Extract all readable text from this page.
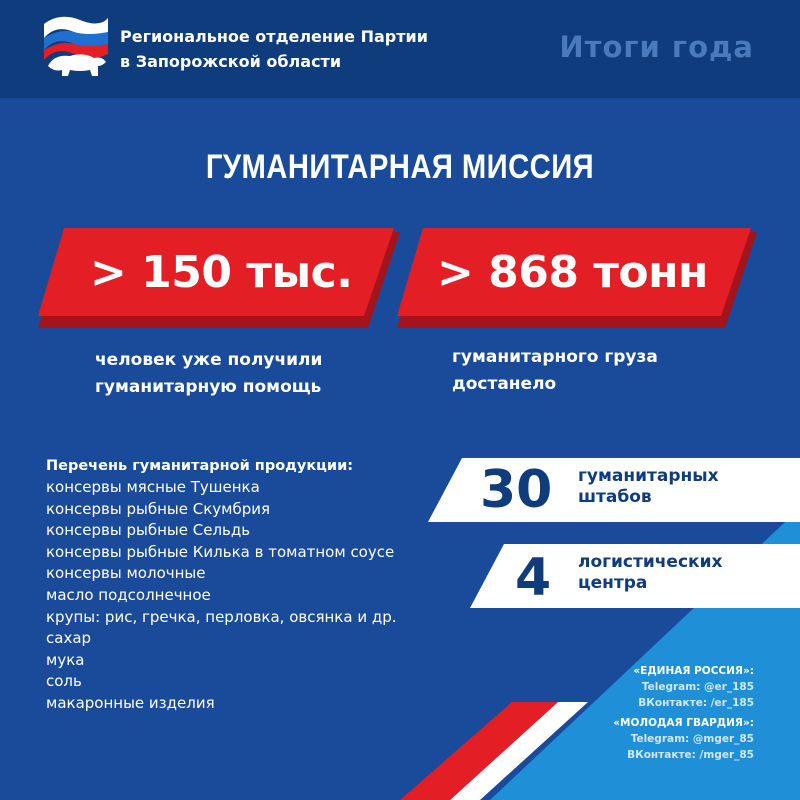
Региональное отделение Партии
в Запорожской области	Итоги года
ГУМАНИТАРНАЯ МИССИЯ
> 150 тыс. > 868 тонн
человек уже получили
гуманитарную помощь
гуманитарного груза
достанело
Перечень гуманитарной продукции:
консервы мясные Тушенка
консервы рыбные Скумбрия
консервы рыбные Сельдь
консервы рыбные Килька в томатном соусе
консервы молочные
масло подсолнечное
крупы: рис, гречка, перловка, овсянка и др.
сахар
мука
соль
макаронные изделия
30 гуманитарных
штабов
4 логистических
центра
«ЕДИНАЯ РОССИЯ»:
Telegram: @er_185
ВКонтакте: /er_185
«МОЛОДАЯ ГВАРДИЯ»:
Telegram: @mger_85
ВКонтакте: /mger_85
